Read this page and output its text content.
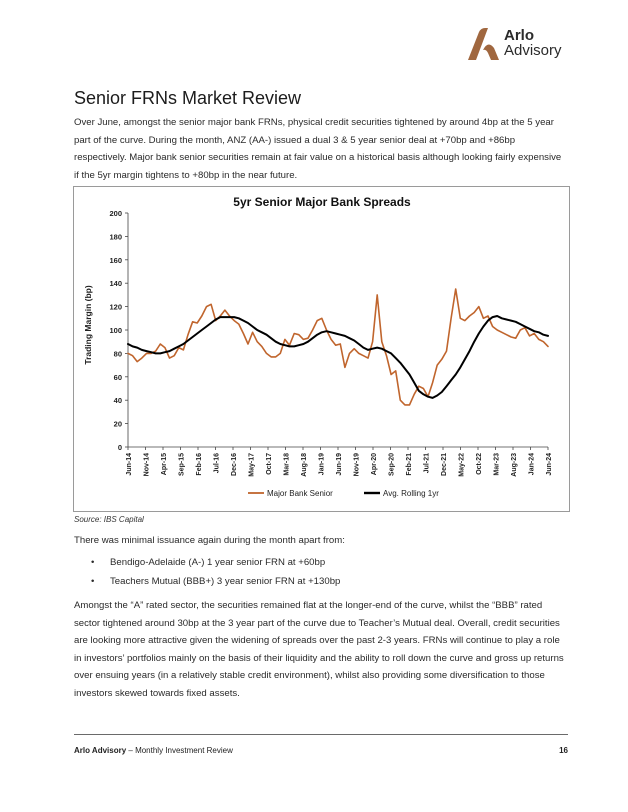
Arlo
Advisory
Senior FRNs Market Review

Over June, amongst the senior major bank FRNs, physical credit securities tightened by around 4bp at the 5 year part of the curve. During the month, ANZ (AA-) issued a dual 3 & 5 year senior deal at +70bp and +86bp respectively. Major bank senior securities remain at fair value on a historical basis although looking fairly expensive if the 5yr margin tightens to +80bp in the near future.

5yr Senior Major Bank Spreads
Trading Margin (bp)
0
20
40
60
80
100
120
140
160
180
200
Jun-14 Nov-14 Apr-15 Sep-15 Feb-16 Jul-16 Dec-16 May-17 Oct-17 Mar-18 Aug-18 Jan-19 Jun-19 Nov-19 Apr-20 Sep-20 Feb-21 Jul-21 Dec-21 May-22 Oct-22 Mar-23 Aug-23 Jan-24 Jun-24
Major Bank Senior	Avg. Rolling 1yr
Source: IBS Capital

There was minimal issuance again during the month apart from:

• Bendigo-Adelaide (A-) 1 year senior FRN at +60bp
• Teachers Mutual (BBB+) 3 year senior FRN at +130bp

Amongst the “A” rated sector, the securities remained flat at the longer-end of the curve, whilst the “BBB” rated sector tightened around 30bp at the 3 year part of the curve due to Teacher’s Mutual deal. Overall, credit securities are looking more attractive given the widening of spreads over the past 2-3 years. FRNs will continue to play a role in investors’ portfolios mainly on the basis of their liquidity and the ability to roll down the curve and gross up returns over ensuing years (in a relatively stable credit environment), whilst also providing some diversification to those investors skewed towards fixed assets.

Arlo Advisory – Monthly Investment Review	16
